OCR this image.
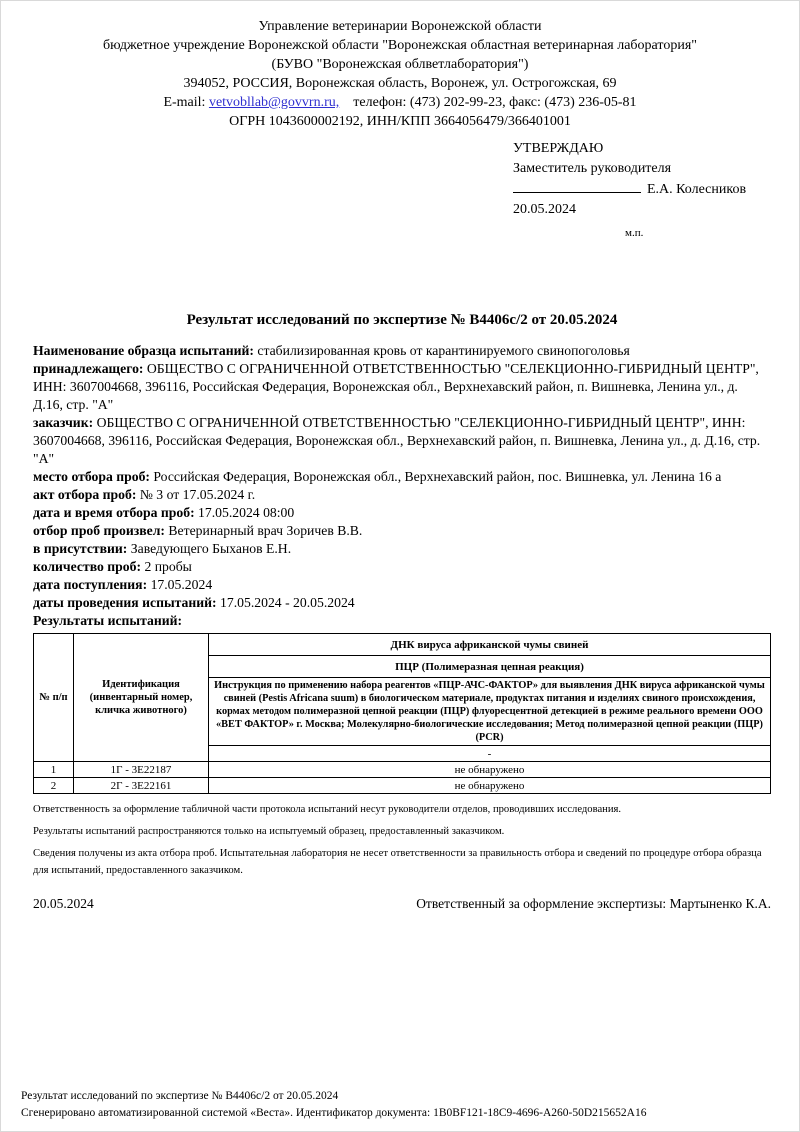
Управление ветеринарии Воронежской области
бюджетное учреждение Воронежской области "Воронежская областная ветеринарная лаборатория"
(БУВО "Воронежская облветлаборатория")
394052, РОССИЯ, Воронежская область, Воронеж, ул. Острогожская, 69
E-mail: vetvobllab@govvrn.ru, телефон: (473) 202-99-23, факс: (473) 236-05-81
ОГРН 1043600002192, ИНН/КПП 3664056479/366401001
УТВЕРЖДАЮ
Заместитель руководителя
Е.А. Колесников
20.05.2024
м.п.
Результат исследований по экспертизе № В4406с/2 от 20.05.2024
Наименование образца испытаний: стабилизированная кровь от карантинируемого свинопоголовья
принадлежащего: ОБЩЕСТВО С ОГРАНИЧЕННОЙ ОТВЕТСТВЕННОСТЬЮ "СЕЛЕКЦИОННО-ГИБРИДНЫЙ ЦЕНТР", ИНН: 3607004668, 396116, Российская Федерация, Воронежская обл., Верхнехавский район, п. Вишневка, Ленина ул., д. Д.16, стр. "А"
заказчик: ОБЩЕСТВО С ОГРАНИЧЕННОЙ ОТВЕТСТВЕННОСТЬЮ "СЕЛЕКЦИОННО-ГИБРИДНЫЙ ЦЕНТР", ИНН: 3607004668, 396116, Российская Федерация, Воронежская обл., Верхнехавский район, п. Вишневка, Ленина ул., д. Д.16, стр. "А"
место отбора проб: Российская Федерация, Воронежская обл., Верхнехавский район, пос. Вишневка, ул. Ленина 16 а
акт отбора проб: № 3 от 17.05.2024 г.
дата и время отбора проб: 17.05.2024 08:00
отбор проб произвел: Ветеринарный врач Зоричев В.В.
в присутствии: Заведующего Быханов Е.Н.
количество проб: 2 пробы
дата поступления: 17.05.2024
даты проведения испытаний: 17.05.2024 - 20.05.2024
Результаты испытаний:
№ п/п	Идентификация (инвентарный номер, кличка животного)	ДНК вируса африканской чумы свиней
		ПЦР (Полимеразная цепная реакция)
		Инструкция по применению набора реагентов «ПЦР-АЧС-ФАКТОР» для выявления ДНК вируса африканской чумы свиней (Pestis Africana suum) в биологическом материале, продуктах питания и изделиях свиного происхождения, кормах методом полимеразной цепной реакции (ПЦР) флуоресцентной детекцией в режиме реального времени ООО «ВЕТ ФАКТОР» г. Москва; Молекулярно-биологические исследования; Метод полимеразной цепной реакции (ПЦР) (PCR)
		-
1	1Г - 3Е22187	не обнаружено
2	2Г - 3Е22161	не обнаружено
Ответственность за оформление табличной части протокола испытаний несут руководители отделов, проводивших исследования.
Результаты испытаний распространяются только на испытуемый образец, предоставленный заказчиком.
Сведения получены из акта отбора проб. Испытательная лаборатория не несет ответственности за правильность отбора и сведений по процедуре отбора образца для испытаний, предоставленного заказчиком.
20.05.2024	Ответственный за оформление экспертизы: Мартыненко К.А.
Результат исследований по экспертизе № В4406с/2 от 20.05.2024
Сгенерировано автоматизированной системой «Веста». Идентификатор документа: 1B0BF121-18C9-4696-A260-50D215652A16
